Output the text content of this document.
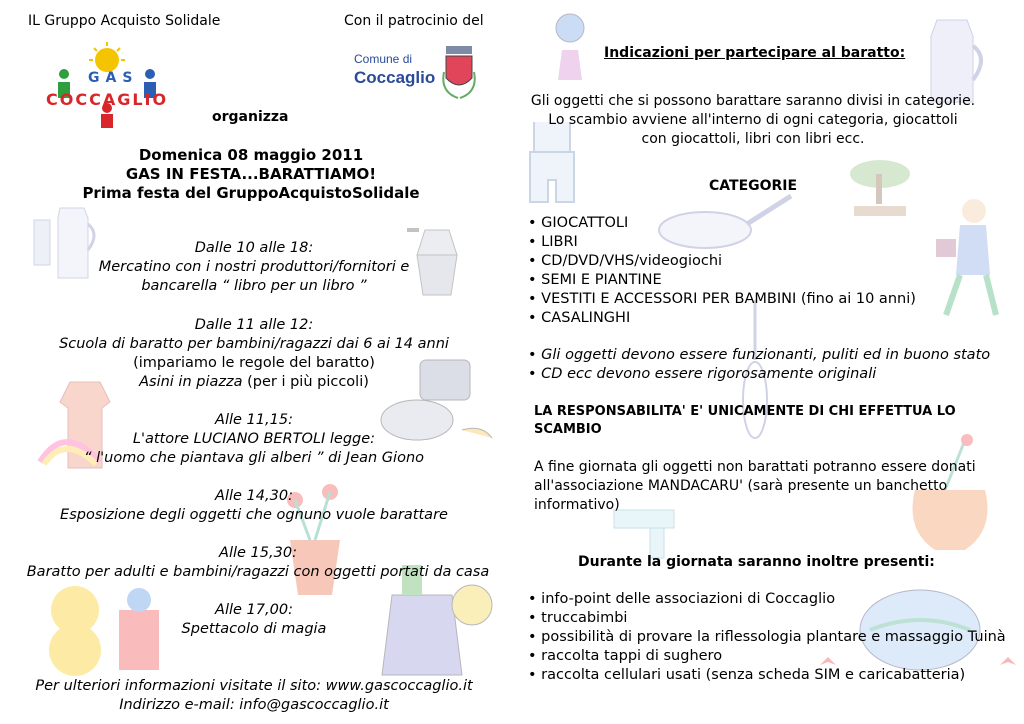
IL Gruppo Acquisto Solidale	Con il patrocinio del
GAS
COCCAGLIO
Comune di
Coccaglio
organizza
Domenica 08 maggio 2011
GAS IN FESTA...BARATTIAMO!
Prima festa del GruppoAcquistoSolidale
Dalle 10 alle 18:
Mercatino con i nostri produttori/fornitori e
bancarella “ libro per un libro ”
Dalle 11 alle 12:
Scuola di baratto per bambini/ragazzi dai 6 ai 14 anni
(impariamo le regole del baratto)
Asini in piazza (per i più piccoli)
Alle 11,15:
L'attore LUCIANO BERTOLI legge:
“ l'uomo che piantava gli alberi ” di Jean Giono
Alle 14,30:
Esposizione degli oggetti che ognuno vuole barattare
Alle 15,30:
Baratto per adulti e bambini/ragazzi con oggetti portati da casa
Alle 17,00:
Spettacolo di magia
Per ulteriori informazioni visitate il sito: www.gascoccaglio.it
Indirizzo e-mail: info@gascoccaglio.it
Indicazioni per partecipare al baratto:
Gli oggetti che si possono barattare saranno divisi in categorie.
Lo scambio avviene all'interno di ogni categoria, giocattoli
con giocattoli, libri con libri ecc.
CATEGORIE
• GIOCATTOLI
• LIBRI
• CD/DVD/VHS/videogiochi
• SEMI E PIANTINE
• VESTITI E ACCESSORI PER BAMBINI (fino ai 10 anni)
• CASALINGHI
• Gli oggetti devono essere funzionanti, puliti ed in buono stato
• CD ecc devono essere rigorosamente originali
LA RESPONSABILITA' E' UNICAMENTE DI CHI EFFETTUA LO
SCAMBIO
A fine giornata gli oggetti non barattati potranno essere donati
all'associazione MANDACARU' (sarà presente un banchetto
informativo)
Durante la giornata saranno inoltre presenti:
• info-point delle associazioni di Coccaglio
• truccabimbi
• possibilità di provare la riflessologia plantare e massaggio Tuinà
• raccolta tappi di sughero
• raccolta cellulari usati (senza scheda SIM e caricabatteria)
